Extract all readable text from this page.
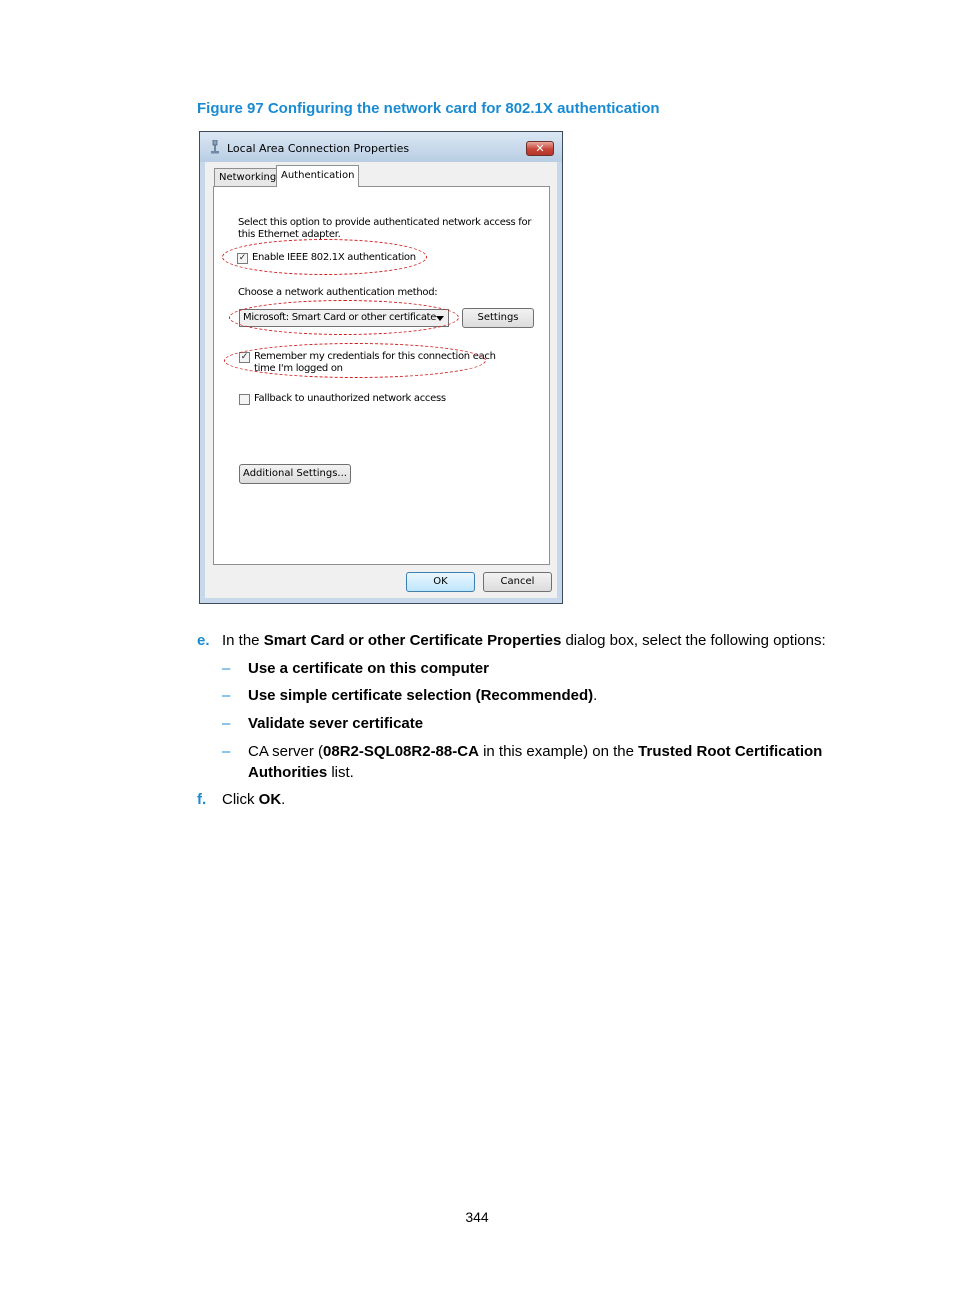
Figure 97 Configuring the network card for 802.1X authentication
Local Area Connection Properties	✕
Networking Authentication
Select this option to provide authenticated network access for
this Ethernet adapter.
✓ Enable IEEE 802.1X authentication
Choose a network authentication method:
Microsoft: Smart Card or other certificate	Settings
✓ Remember my credentials for this connection each
time I'm logged on
Fallback to unauthorized network access
Additional Settings...
OK	Cancel
e. In the Smart Card or other Certificate Properties dialog box, select the following options:
– Use a certificate on this computer
– Use simple certificate selection (Recommended).
– Validate sever certificate
– CA server (08R2-SQL08R2-88-CA in this example) on the Trusted Root Certification
Authorities list.
f. Click OK.
344
